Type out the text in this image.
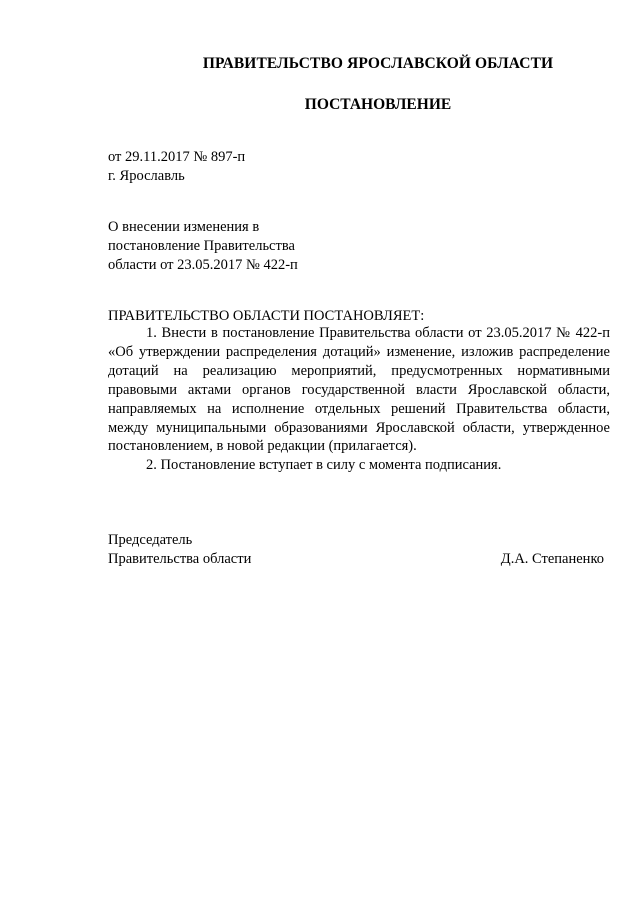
ПРАВИТЕЛЬСТВО ЯРОСЛАВСКОЙ ОБЛАСТИ
ПОСТАНОВЛЕНИЕ
от 29.11.2017 № 897-п
г. Ярославль
О внесении изменения в
постановление Правительства
области от 23.05.2017 № 422-п
ПРАВИТЕЛЬСТВО ОБЛАСТИ ПОСТАНОВЛЯЕТ:

1. Внести в постановление Правительства области от 23.05.2017 № 422-п «Об утверждении распределения дотаций» изменение, изложив распределение дотаций на реализацию мероприятий, предусмотренных нормативными правовыми актами органов государственной власти Ярославской области, направляемых на исполнение отдельных решений Правительства области, между муниципальными образованиями Ярославской области, утвержденное постановлением, в новой редакции (прилагается).

2. Постановление вступает в силу с момента подписания.

Председатель
Правительства области	Д.А. Степаненко
